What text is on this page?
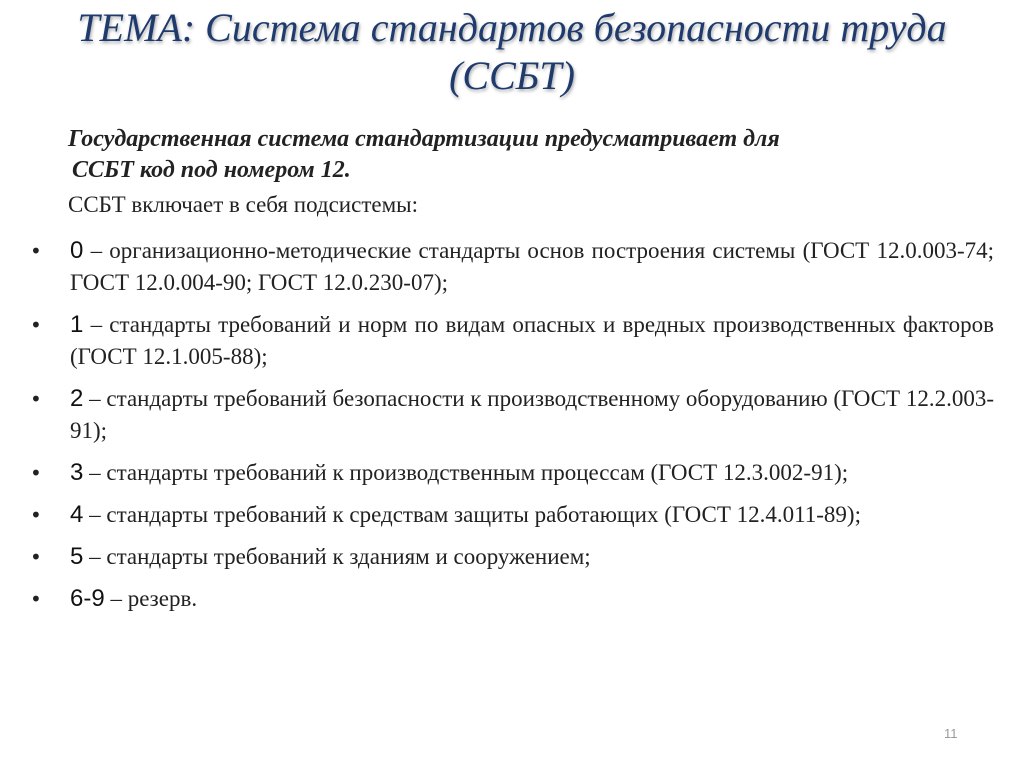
ТЕМА: Система стандартов безопасности труда
(ССБТ)
Государственная система стандартизации предусматривает для
ССБТ код под номером 12.
ССБТ включает в себя подсистемы:
• 0 – организационно-методические стандарты основ построения системы (ГОСТ 12.0.003-74; ГОСТ 12.0.004-90; ГОСТ 12.0.230-07);
• 1 – стандарты требований и норм по видам опасных и вредных производственных факторов (ГОСТ 12.1.005-88);
• 2 – стандарты требований безопасности к производственному оборудованию (ГОСТ 12.2.003-91);
• 3 – стандарты требований к производственным процессам (ГОСТ 12.3.002-91);
• 4 – стандарты требований к средствам защиты работающих (ГОСТ 12.4.011-89);
• 5 – стандарты требований к зданиям и сооружением;
• 6-9 – резерв.
11
